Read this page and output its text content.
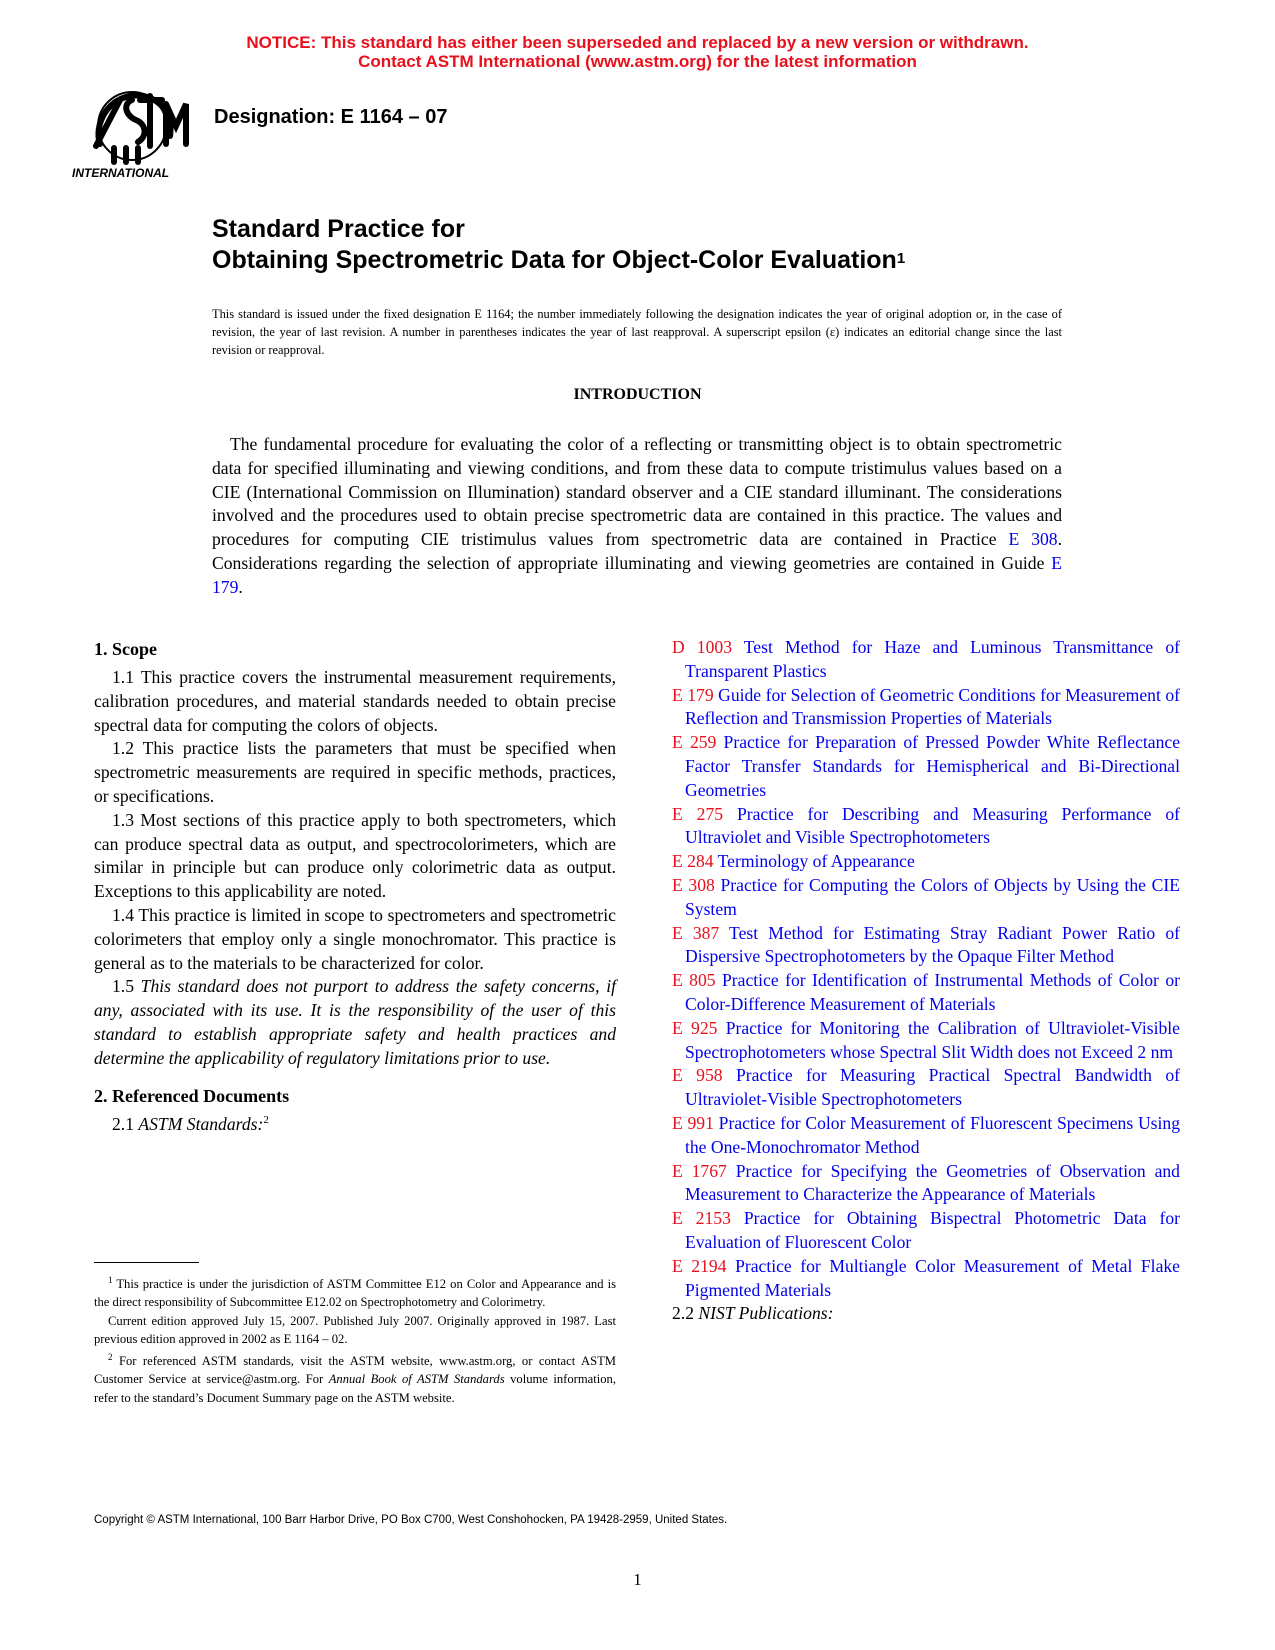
NOTICE: This standard has either been superseded and replaced by a new version or withdrawn.
Contact ASTM International (www.astm.org) for the latest information
INTERNATIONAL
Designation: E 1164 – 07
Standard Practice for
Obtaining Spectrometric Data for Object-Color Evaluation$^1$
This standard is issued under the fixed designation E 1164; the number immediately following the designation indicates the year of original adoption or, in the case of revision, the year of last revision. A number in parentheses indicates the year of last reapproval. A superscript epsilon (ε) indicates an editorial change since the last revision or reapproval.
INTRODUCTION

The fundamental procedure for evaluating the color of a reflecting or transmitting object is to obtain spectrometric data for specified illuminating and viewing conditions, and from these data to compute tristimulus values based on a CIE (International Commission on Illumination) standard observer and a CIE standard illuminant. The considerations involved and the procedures used to obtain precise spectrometric data are contained in this practice. The values and procedures for computing CIE tristimulus values from spectrometric data are contained in Practice E 308. Considerations regarding the selection of appropriate illuminating and viewing geometries are contained in Guide E 179.

1. Scope

1.1 This practice covers the instrumental measurement requirements, calibration procedures, and material standards needed to obtain precise spectral data for computing the colors of objects.

1.2 This practice lists the parameters that must be specified when spectrometric measurements are required in specific methods, practices, or specifications.

1.3 Most sections of this practice apply to both spectrometers, which can produce spectral data as output, and spectrocolorimeters, which are similar in principle but can produce only colorimetric data as output. Exceptions to this applicability are noted.

1.4 This practice is limited in scope to spectrometers and spectrometric colorimeters that employ only a single monochromator. This practice is general as to the materials to be characterized for color.

1.5 This standard does not purport to address the safety concerns, if any, associated with its use. It is the responsibility of the user of this standard to establish appropriate safety and health practices and determine the applicability of regulatory limitations prior to use.

2. Referenced Documents

2.1 ASTM Standards:$^2$

$^1$ This practice is under the jurisdiction of ASTM Committee E12 on Color and Appearance and is the direct responsibility of Subcommittee E12.02 on Spectrophotometry and Colorimetry.

Current edition approved July 15, 2007. Published July 2007. Originally approved in 1987. Last previous edition approved in 2002 as E 1164 – 02.

$^2$ For referenced ASTM standards, visit the ASTM website, www.astm.org, or contact ASTM Customer Service at service@astm.org. For Annual Book of ASTM Standards volume information, refer to the standard’s Document Summary page on the ASTM website.

D 1003 Test Method for Haze and Luminous Transmittance of Transparent Plastics

E 179 Guide for Selection of Geometric Conditions for Measurement of Reflection and Transmission Properties of Materials

E 259 Practice for Preparation of Pressed Powder White Reflectance Factor Transfer Standards for Hemispherical and Bi-Directional Geometries

E 275 Practice for Describing and Measuring Performance of Ultraviolet and Visible Spectrophotometers

E 284 Terminology of Appearance

E 308 Practice for Computing the Colors of Objects by Using the CIE System

E 387 Test Method for Estimating Stray Radiant Power Ratio of Dispersive Spectrophotometers by the Opaque Filter Method

E 805 Practice for Identification of Instrumental Methods of Color or Color-Difference Measurement of Materials

E 925 Practice for Monitoring the Calibration of Ultraviolet-Visible Spectrophotometers whose Spectral Slit Width does not Exceed 2 nm

E 958 Practice for Measuring Practical Spectral Bandwidth of Ultraviolet-Visible Spectrophotometers

E 991 Practice for Color Measurement of Fluorescent Specimens Using the One-Monochromator Method

E 1767 Practice for Specifying the Geometries of Observation and Measurement to Characterize the Appearance of Materials

E 2153 Practice for Obtaining Bispectral Photometric Data for Evaluation of Fluorescent Color

E 2194 Practice for Multiangle Color Measurement of Metal Flake Pigmented Materials

2.2 NIST Publications:

Copyright © ASTM International, 100 Barr Harbor Drive, PO Box C700, West Conshohocken, PA 19428-2959, United States.
1
